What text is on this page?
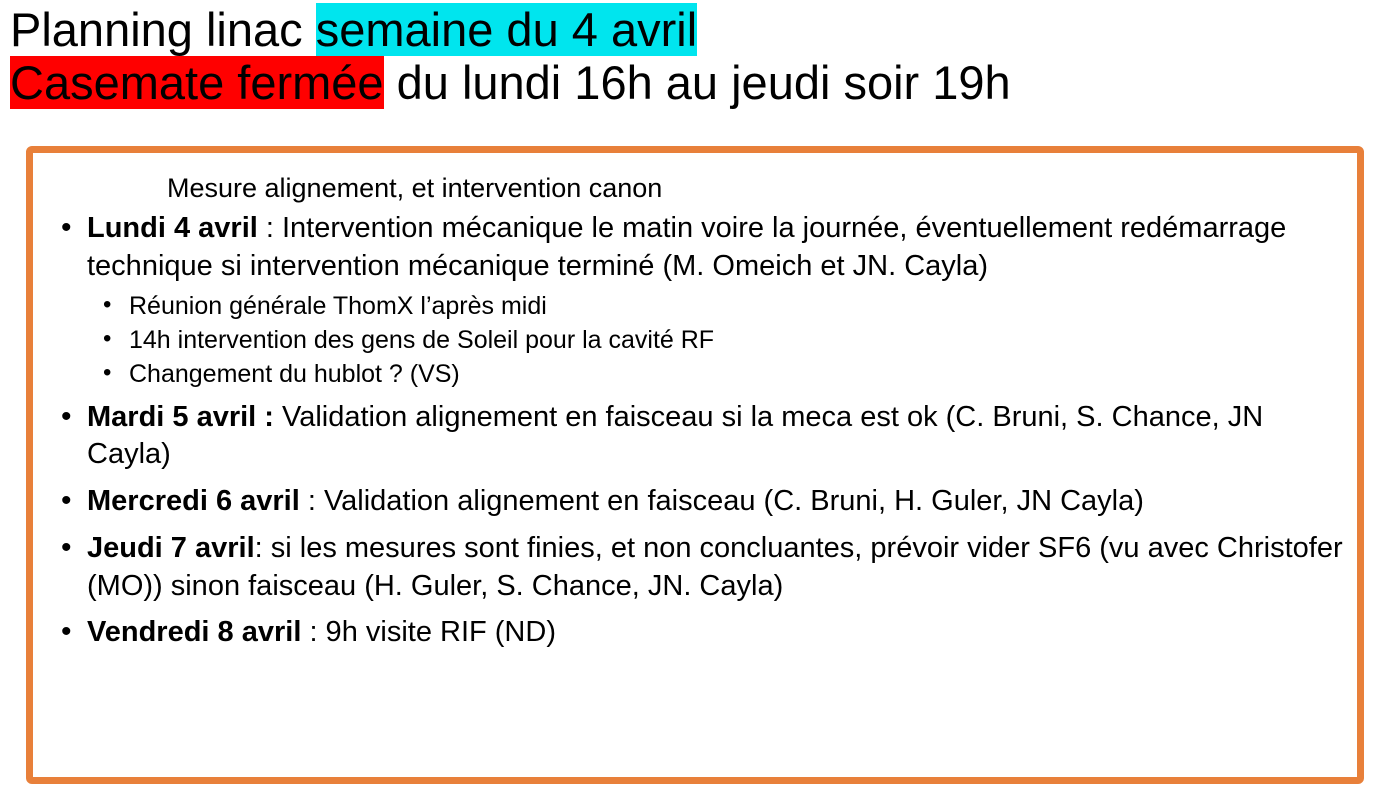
Planning linac semaine du 4 avril
Casemate fermée du lundi 16h au jeudi soir 19h
Mesure alignement, et intervention canon
• Lundi 4 avril : Intervention mécanique le matin voire la journée, éventuellement redémarrage technique si intervention mécanique terminé (M. Omeich et JN. Cayla)
• Réunion générale ThomX l’après midi
• 14h intervention des gens de Soleil pour la cavité RF
• Changement du hublot ? (VS)
• Mardi 5 avril : Validation alignement en faisceau si la meca est ok (C. Bruni, S. Chance, JN Cayla)
• Mercredi 6 avril : Validation alignement en faisceau (C. Bruni, H. Guler, JN Cayla)
• Jeudi 7 avril: si les mesures sont finies, et non concluantes, prévoir vider SF6 (vu avec Christofer (MO)) sinon faisceau (H. Guler, S. Chance, JN. Cayla)
• Vendredi 8 avril : 9h visite RIF (ND)
